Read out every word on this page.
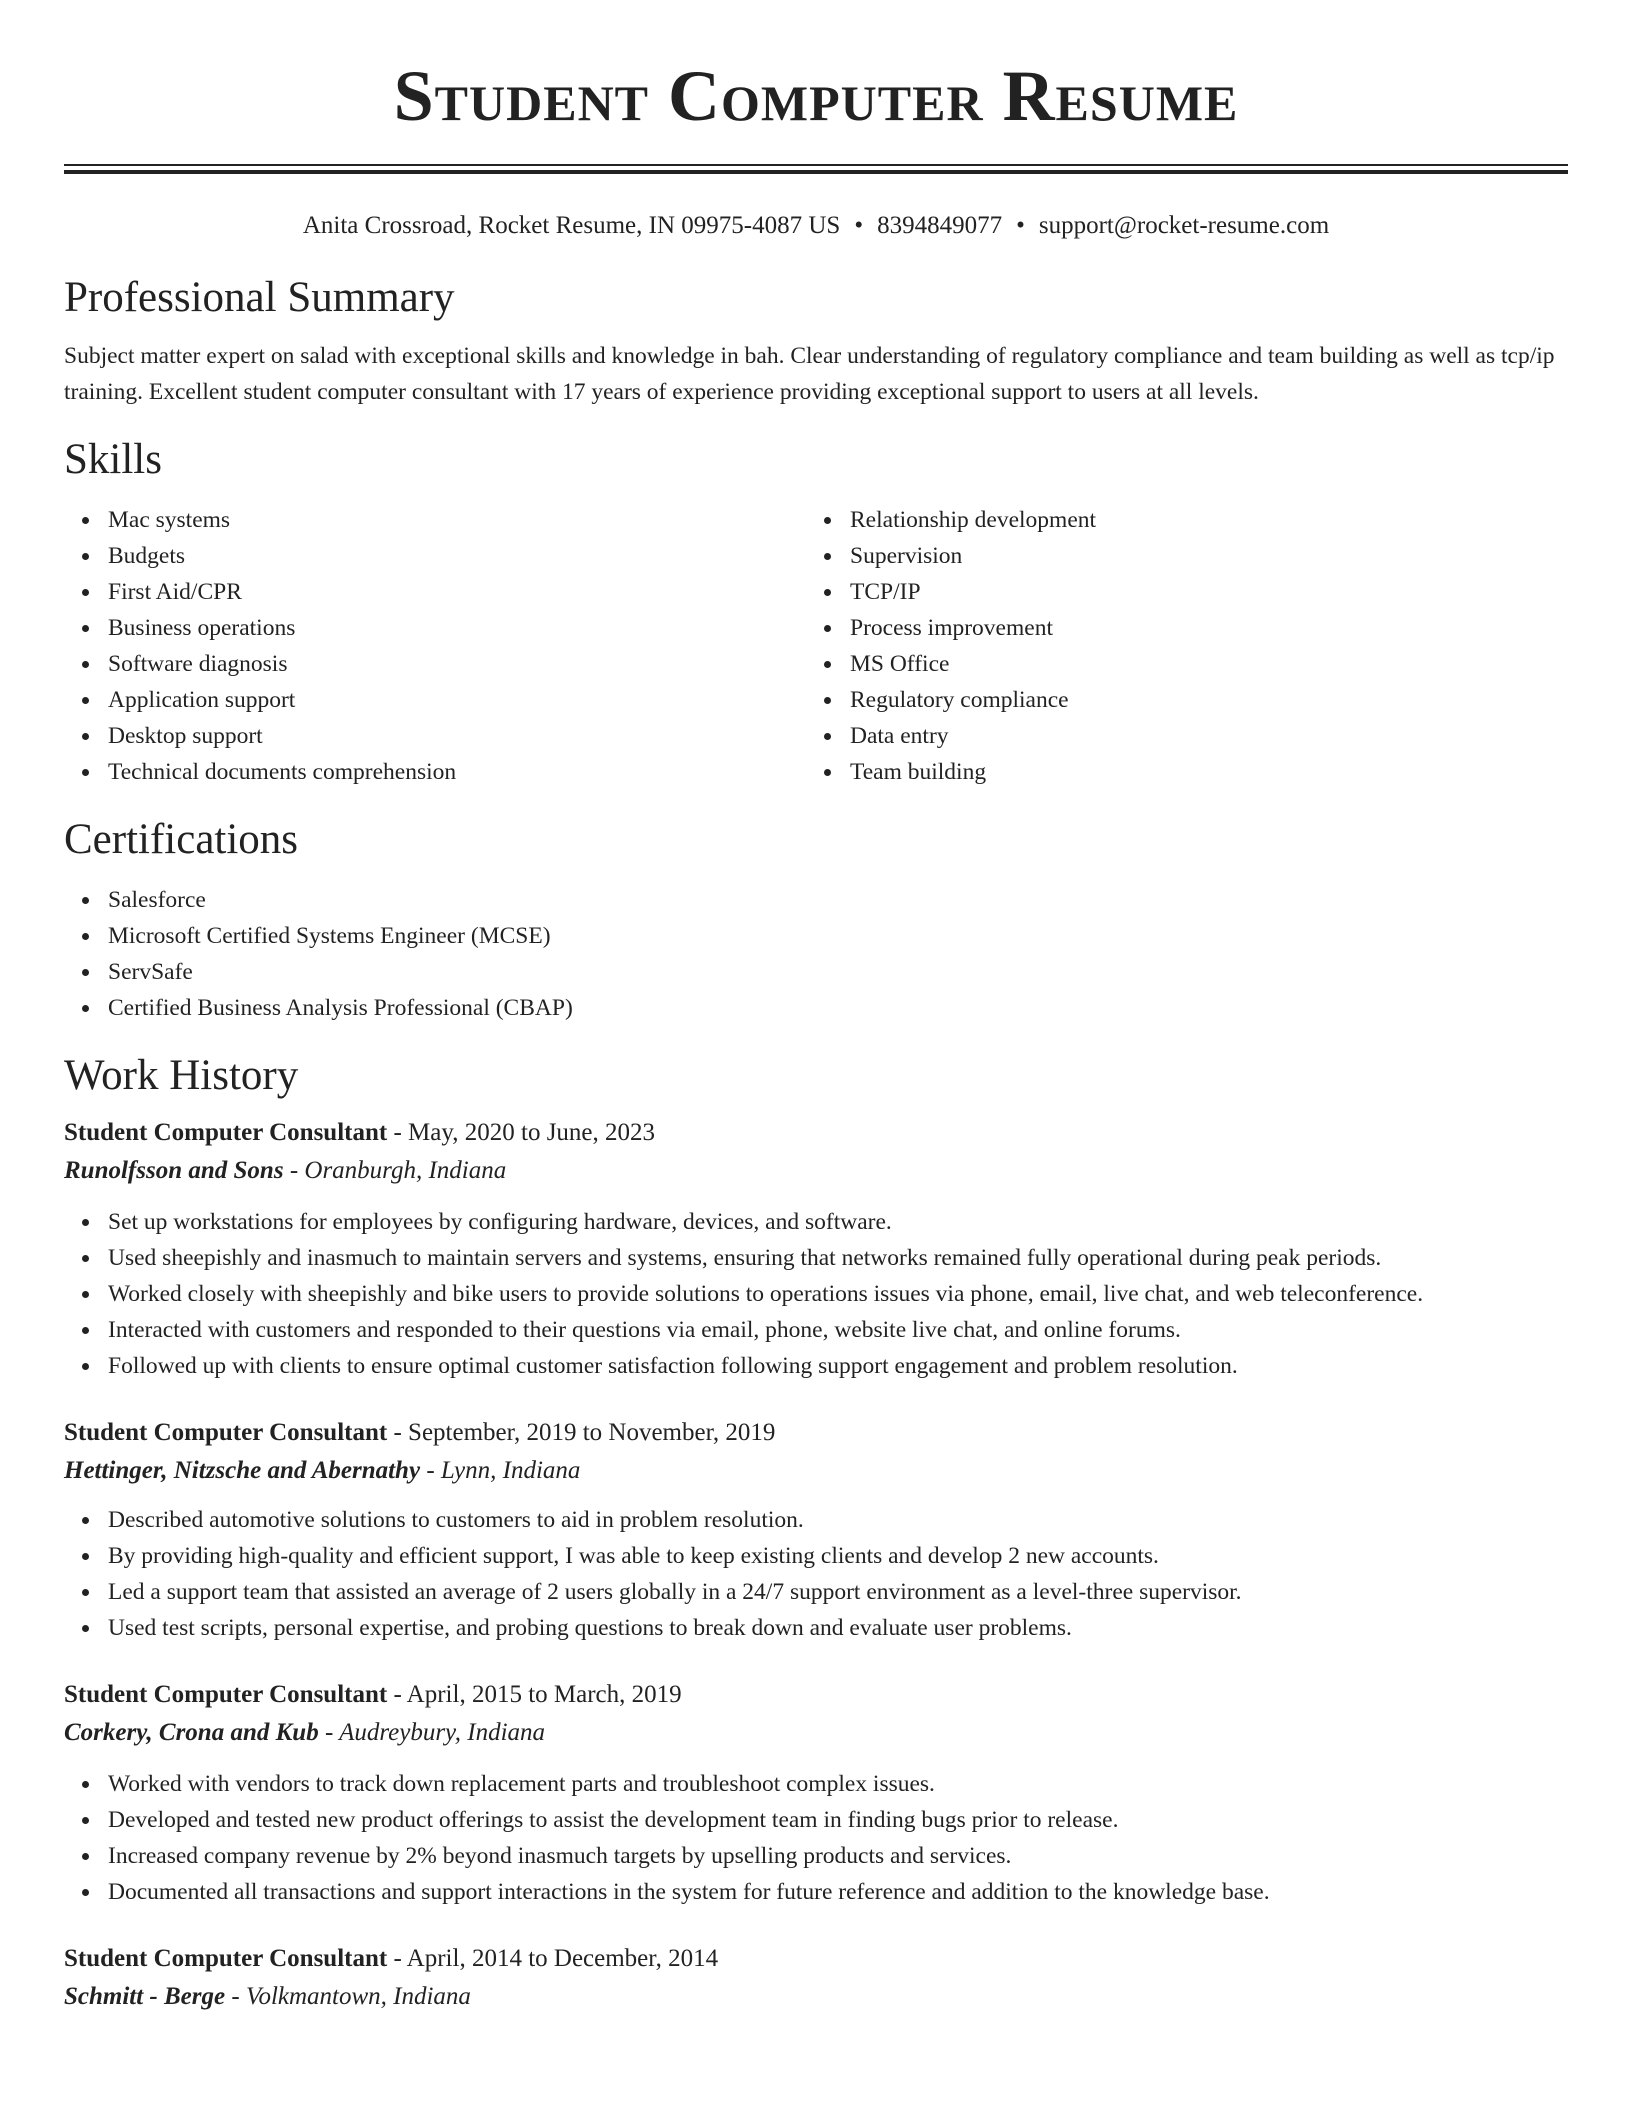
Student Computer Resume
Anita Crossroad, Rocket Resume, IN 09975-4087 US • 8394849077 • support@rocket-resume.com
Professional Summary

Subject matter expert on salad with exceptional skills and knowledge in bah. Clear understanding of regulatory compliance and team building as well as tcp/ip training. Excellent student computer consultant with 17 years of experience providing exceptional support to users at all levels.

Skills
Mac systems
Budgets
First Aid/CPR
Business operations
Software diagnosis
Application support
Desktop support
Technical documents comprehension
Relationship development
Supervision
TCP/IP
Process improvement
MS Office
Regulatory compliance
Data entry
Team building
Certifications
Salesforce
Microsoft Certified Systems Engineer (MCSE)
ServSafe
Certified Business Analysis Professional (CBAP)
Work History
Student Computer Consultant - May, 2020 to June, 2023
Runolfsson and Sons - Oranburgh, Indiana
Set up workstations for employees by configuring hardware, devices, and software.
Used sheepishly and inasmuch to maintain servers and systems, ensuring that networks remained fully operational during peak periods.
Worked closely with sheepishly and bike users to provide solutions to operations issues via phone, email, live chat, and web teleconference.
Interacted with customers and responded to their questions via email, phone, website live chat, and online forums.
Followed up with clients to ensure optimal customer satisfaction following support engagement and problem resolution.
Student Computer Consultant - September, 2019 to November, 2019
Hettinger, Nitzsche and Abernathy - Lynn, Indiana
Described automotive solutions to customers to aid in problem resolution.
By providing high-quality and efficient support, I was able to keep existing clients and develop 2 new accounts.
Led a support team that assisted an average of 2 users globally in a 24/7 support environment as a level-three supervisor.
Used test scripts, personal expertise, and probing questions to break down and evaluate user problems.
Student Computer Consultant - April, 2015 to March, 2019
Corkery, Crona and Kub - Audreybury, Indiana
Worked with vendors to track down replacement parts and troubleshoot complex issues.
Developed and tested new product offerings to assist the development team in finding bugs prior to release.
Increased company revenue by 2% beyond inasmuch targets by upselling products and services.
Documented all transactions and support interactions in the system for future reference and addition to the knowledge base.
Student Computer Consultant - April, 2014 to December, 2014
Schmitt - Berge - Volkmantown, Indiana
